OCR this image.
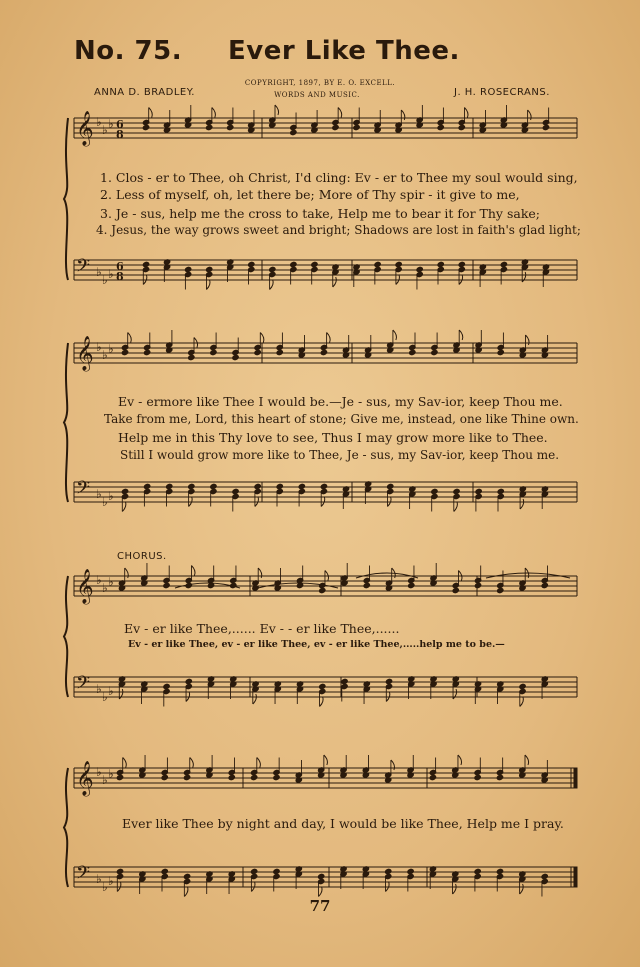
No. 75. Ever Like Thee.
COPYRIGHT, 1897, BY E. O. EXCELL.
WORDS AND MUSIC.
ANNA D. BRADLEY.	J. H. ROSECRANS.
𝄞 ♭
♭ ♭ 6
8
𝄢 ♭
♭ ♭
6
8
𝄞 ♭
♭ ♭
𝄢 ♭
♭ ♭
𝄞 ♭
♭ ♭
𝄢 ♭
♭ ♭
𝄞 ♭
♭ ♭
𝄢 ♭
♭ ♭
1. Clos - er to Thee, oh Christ, I'd cling: Ev - er to Thee my soul would sing,
2. Less of myself, oh, let there be; More of Thy spir - it give to me,
3. Je - sus, help me the cross to take, Help me to bear it for Thy sake;
4. Jesus, the way grows sweet and bright; Shadows are lost in faith's glad light;
Ev - ermore like Thee I would be.—Je - sus, my Sav-ior, keep Thou me.
Take from me, Lord, this heart of stone; Give me, instead, one like Thine own.
Help me in this Thy love to see, Thus I may grow more like to Thee.
Still I would grow more like to Thee, Je - sus, my Sav-ior, keep Thou me.
CHORUS.
Ev - er like Thee,...... Ev - - er like Thee,......
Ev - er like Thee, ev - er like Thee, ev - er like Thee,.....help me to be.—
Ever like Thee by night and day, I would be like Thee, Help me I pray.
77
